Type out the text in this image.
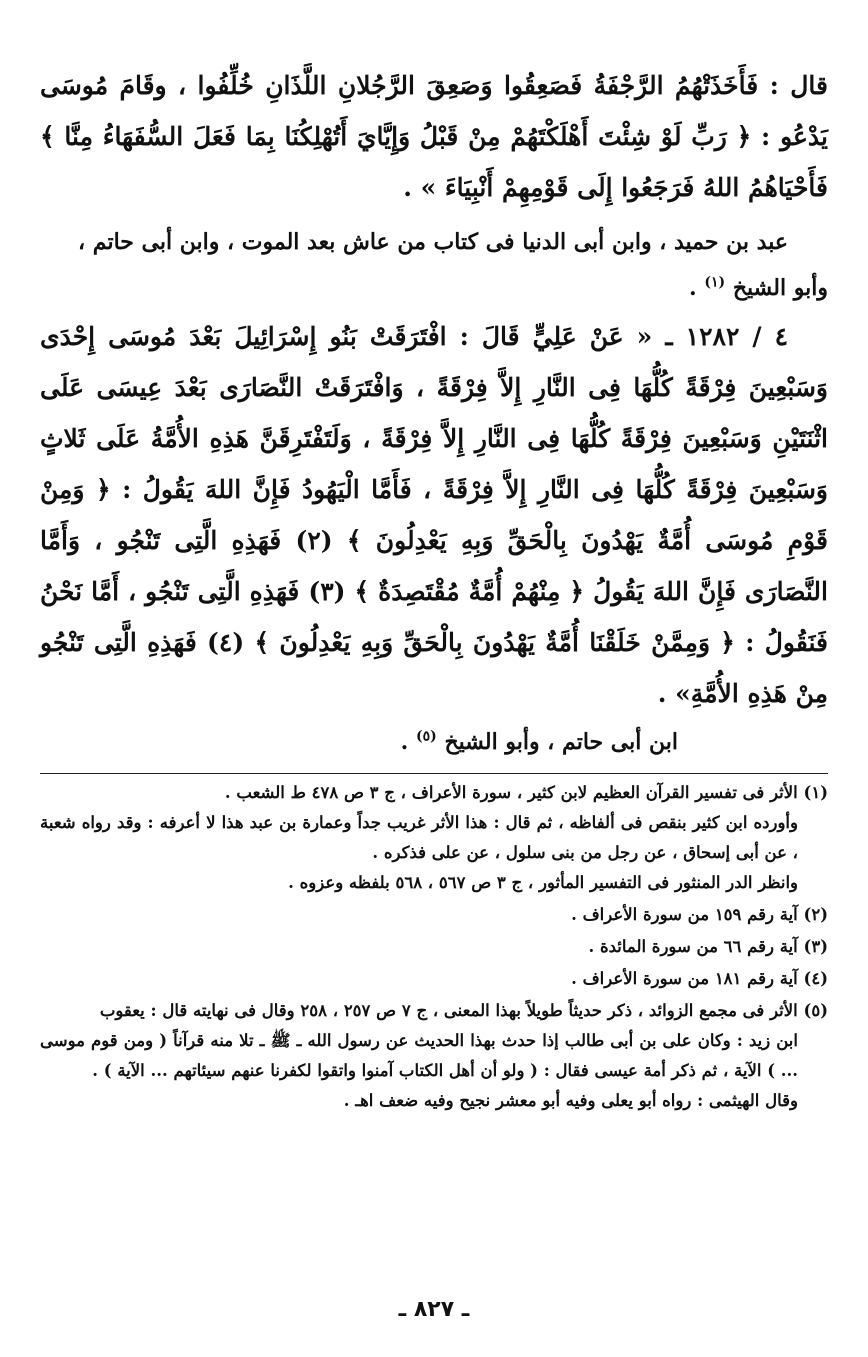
قال : فَأَخَذَتْهُمُ الرَّجْفَةُ فَصَعِقُوا وَصَعِقَ الرَّجُلانِ اللَّذَانِ خُلِّفُوا ، وقَامَ مُوسَى يَدْعُو : ﴿ رَبِّ لَوْ شِئْتَ أَهْلَكْتَهُمْ مِنْ قَبْلُ وَإِيَّايَ أَتُهْلِكُنَا بِمَا فَعَلَ السُّفَهَاءُ مِنَّا ﴾ فَأَحْيَاهُمُ اللهُ فَرَجَعُوا إِلَى قَوْمِهِمْ أَنْبِيَاءَ » .

عبد بن حميد ، وابن أبى الدنيا فى كتاب من عاش بعد الموت ، وابن أبى حاتم ،

وأبو الشيخ $^{(١)}$ .

٤ / ١٢٨٢ ـ « عَنْ عَلِيٍّ قَالَ : افْتَرَقَتْ بَنُو إِسْرَائِيلَ بَعْدَ مُوسَى إِحْدَى وَسَبْعِينَ فِرْقَةً كُلُّهَا فِى النَّارِ إِلاَّ فِرْقَةً ، وَافْتَرَقَتْ النَّصَارَى بَعْدَ عِيسَى عَلَى اثْنَتَيْنِ وَسَبْعِينَ فِرْقَةً كُلُّهَا فِى النَّارِ إِلاَّ فِرْقَةً ، وَلَتَفْتَرِقَنَّ هَذِهِ الأُمَّةُ عَلَى ثَلاثٍ وَسَبْعِينَ فِرْقَةً كُلُّهَا فِى النَّارِ إِلاَّ فِرْقَةً ، فَأَمَّا الْيَهُودُ فَإِنَّ اللهَ يَقُولُ : ﴿ وَمِنْ قَوْمِ مُوسَى أُمَّةٌ يَهْدُونَ بِالْحَقِّ وَبِهِ يَعْدِلُونَ ﴾ (٢) فَهَذِهِ الَّتِى تَنْجُو ، وَأَمَّا النَّصَارَى فَإِنَّ اللهَ يَقُولُ ﴿ مِنْهُمْ أُمَّةٌ مُقْتَصِدَةٌ ﴾ (٣) فَهَذِهِ الَّتِى تَنْجُو ، أَمَّا نَحْنُ فَنَقُولُ : ﴿ وَمِمَّنْ خَلَقْنَا أُمَّةٌ يَهْدُونَ بِالْحَقِّ وَبِهِ يَعْدِلُونَ ﴾ (٤) فَهَذِهِ الَّتِى تَنْجُو مِنْ هَذِهِ الأُمَّةِ» .

ابن أبى حاتم ، وأبو الشيخ $^{(٥)}$ .

(١) الأثر فى تفسير القرآن العظيم لابن كثير ، سورة الأعراف ، ج ٣ ص ٤٧٨ ط الشعب .

وأورده ابن كثير بنقص فى ألفاظه ، ثم قال : هذا الأثر غريب جداً وعمارة بن عبد هذا لا أعرفه : وقد رواه شعبة ، عن أبى إسحاق ، عن رجل من بنى سلول ، عن على فذكره .

وانظر الدر المنثور فى التفسير المأثور ، ج ٣ ص ٥٦٧ ، ٥٦٨ بلفظه وعزوه .

(٢) آية رقم ١٥٩ من سورة الأعراف .

(٣) آية رقم ٦٦ من سورة المائدة .

(٤) آية رقم ١٨١ من سورة الأعراف .

(٥) الأثر فى مجمع الزوائد ، ذكر حديثاً طويلاً بهذا المعنى ، ج ٧ ص ٢٥٧ ، ٢٥٨ وقال فى نهايته قال : يعقوب

ابن زيد : وكان على بن أبى طالب إذا حدث بهذا الحديث عن رسول الله ـ ﷺ ـ تلا منه قرآناً ( ومن قوم موسى ... ) الآية ، ثم ذكر أمة عيسى فقال : ( ولو أن أهل الكتاب آمنوا واتقوا لكفرنا عنهم سيئاتهم ... الآية ) .

وقال الهيثمى : رواه أبو يعلى وفيه أبو معشر نجيح وفيه ضعف اهـ .

ـ ٨٢٧ ـ
